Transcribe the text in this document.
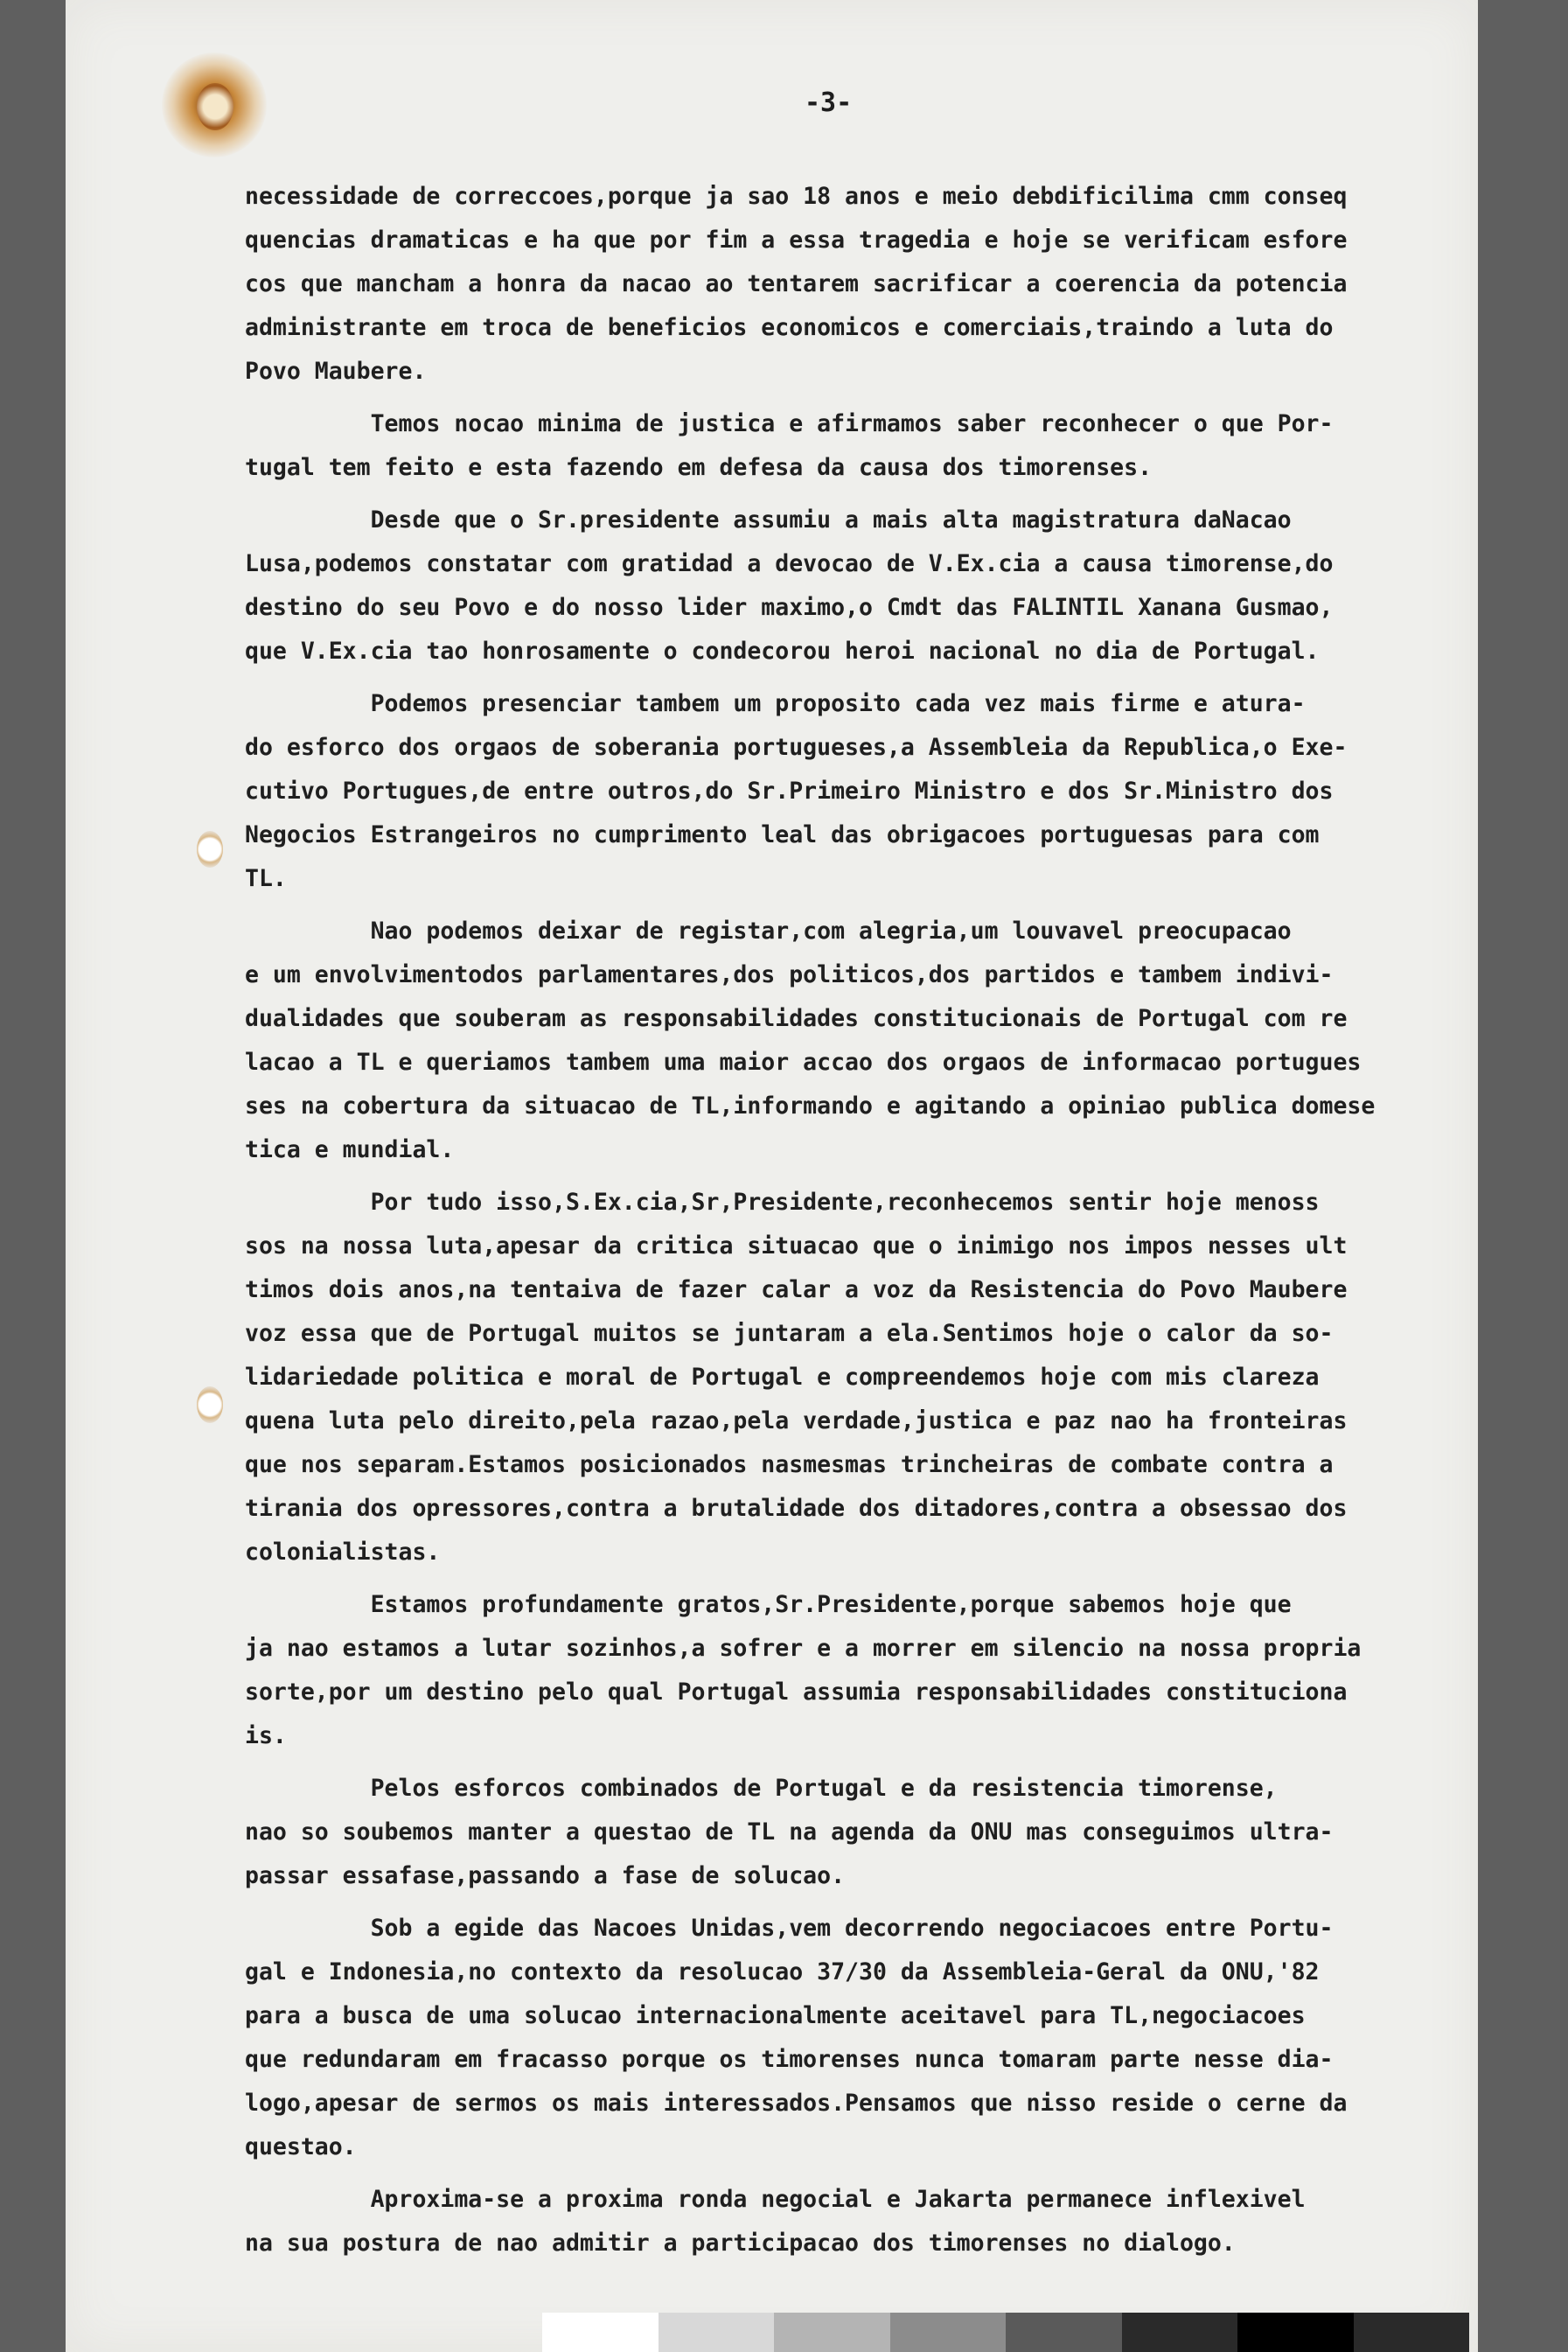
-3-

necessidade de correccoes,porque ja sao 18 anos e meio debdificilima cmm conseq
quencias dramaticas e ha que por fim a essa tragedia e hoje se verificam esfore
cos que mancham a honra da nacao ao tentarem sacrificar a coerencia da potencia
administrante em troca de beneficios economicos e comerciais,traindo a luta do
Povo Maubere.
Temos nocao minima de justica e afirmamos saber reconhecer o que Por-
tugal tem feito e esta fazendo em defesa da causa dos timorenses.
Desde que o Sr.presidente assumiu a mais alta magistratura daNacao
Lusa,podemos constatar com gratidad a devocao de V.Ex.cia a causa timorense,do
destino do seu Povo e do nosso lider maximo,o Cmdt das FALINTIL Xanana Gusmao,
que V.Ex.cia tao honrosamente o condecorou heroi nacional no dia de Portugal.
Podemos presenciar tambem um proposito cada vez mais firme e atura-
do esforco dos orgaos de soberania portugueses,a Assembleia da Republica,o Exe-
cutivo Portugues,de entre outros,do Sr.Primeiro Ministro e dos Sr.Ministro dos
Negocios Estrangeiros no cumprimento leal das obrigacoes portuguesas para com
TL.
Nao podemos deixar de registar,com alegria,um louvavel preocupacao
e um envolvimentodos parlamentares,dos politicos,dos partidos e tambem indivi-
dualidades que souberam as responsabilidades constitucionais de Portugal com re
lacao a TL e queriamos tambem uma maior accao dos orgaos de informacao portugues
ses na cobertura da situacao de TL,informando e agitando a opiniao publica domese
tica e mundial.
Por tudo isso,S.Ex.cia,Sr,Presidente,reconhecemos sentir hoje menoss
sos na nossa luta,apesar da critica situacao que o inimigo nos impos nesses ult
timos dois anos,na tentaiva de fazer calar a voz da Resistencia do Povo Maubere
voz essa que de Portugal muitos se juntaram a ela.Sentimos hoje o calor da so-
lidariedade politica e moral de Portugal e compreendemos hoje com mis clareza
quena luta pelo direito,pela razao,pela verdade,justica e paz nao ha fronteiras
que nos separam.Estamos posicionados nasmesmas trincheiras de combate contra a
tirania dos opressores,contra a brutalidade dos ditadores,contra a obsessao dos
colonialistas.
Estamos profundamente gratos,Sr.Presidente,porque sabemos hoje que
ja nao estamos a lutar sozinhos,a sofrer e a morrer em silencio na nossa propria
sorte,por um destino pelo qual Portugal assumia responsabilidades constituciona
is.
Pelos esforcos combinados de Portugal e da resistencia timorense,
nao so soubemos manter a questao de TL na agenda da ONU mas conseguimos ultra-
passar essafase,passando a fase de solucao.
Sob a egide das Nacoes Unidas,vem decorrendo negociacoes entre Portu-
gal e Indonesia,no contexto da resolucao 37/30 da Assembleia-Geral da ONU,'82
para a busca de uma solucao internacionalmente aceitavel para TL,negociacoes
que redundaram em fracasso porque os timorenses nunca tomaram parte nesse dia-
logo,apesar de sermos os mais interessados.Pensamos que nisso reside o cerne da
questao.
Aproxima-se a proxima ronda negocial e Jakarta permanece inflexivel
na sua postura de nao admitir a participacao dos timorenses no dialogo.
